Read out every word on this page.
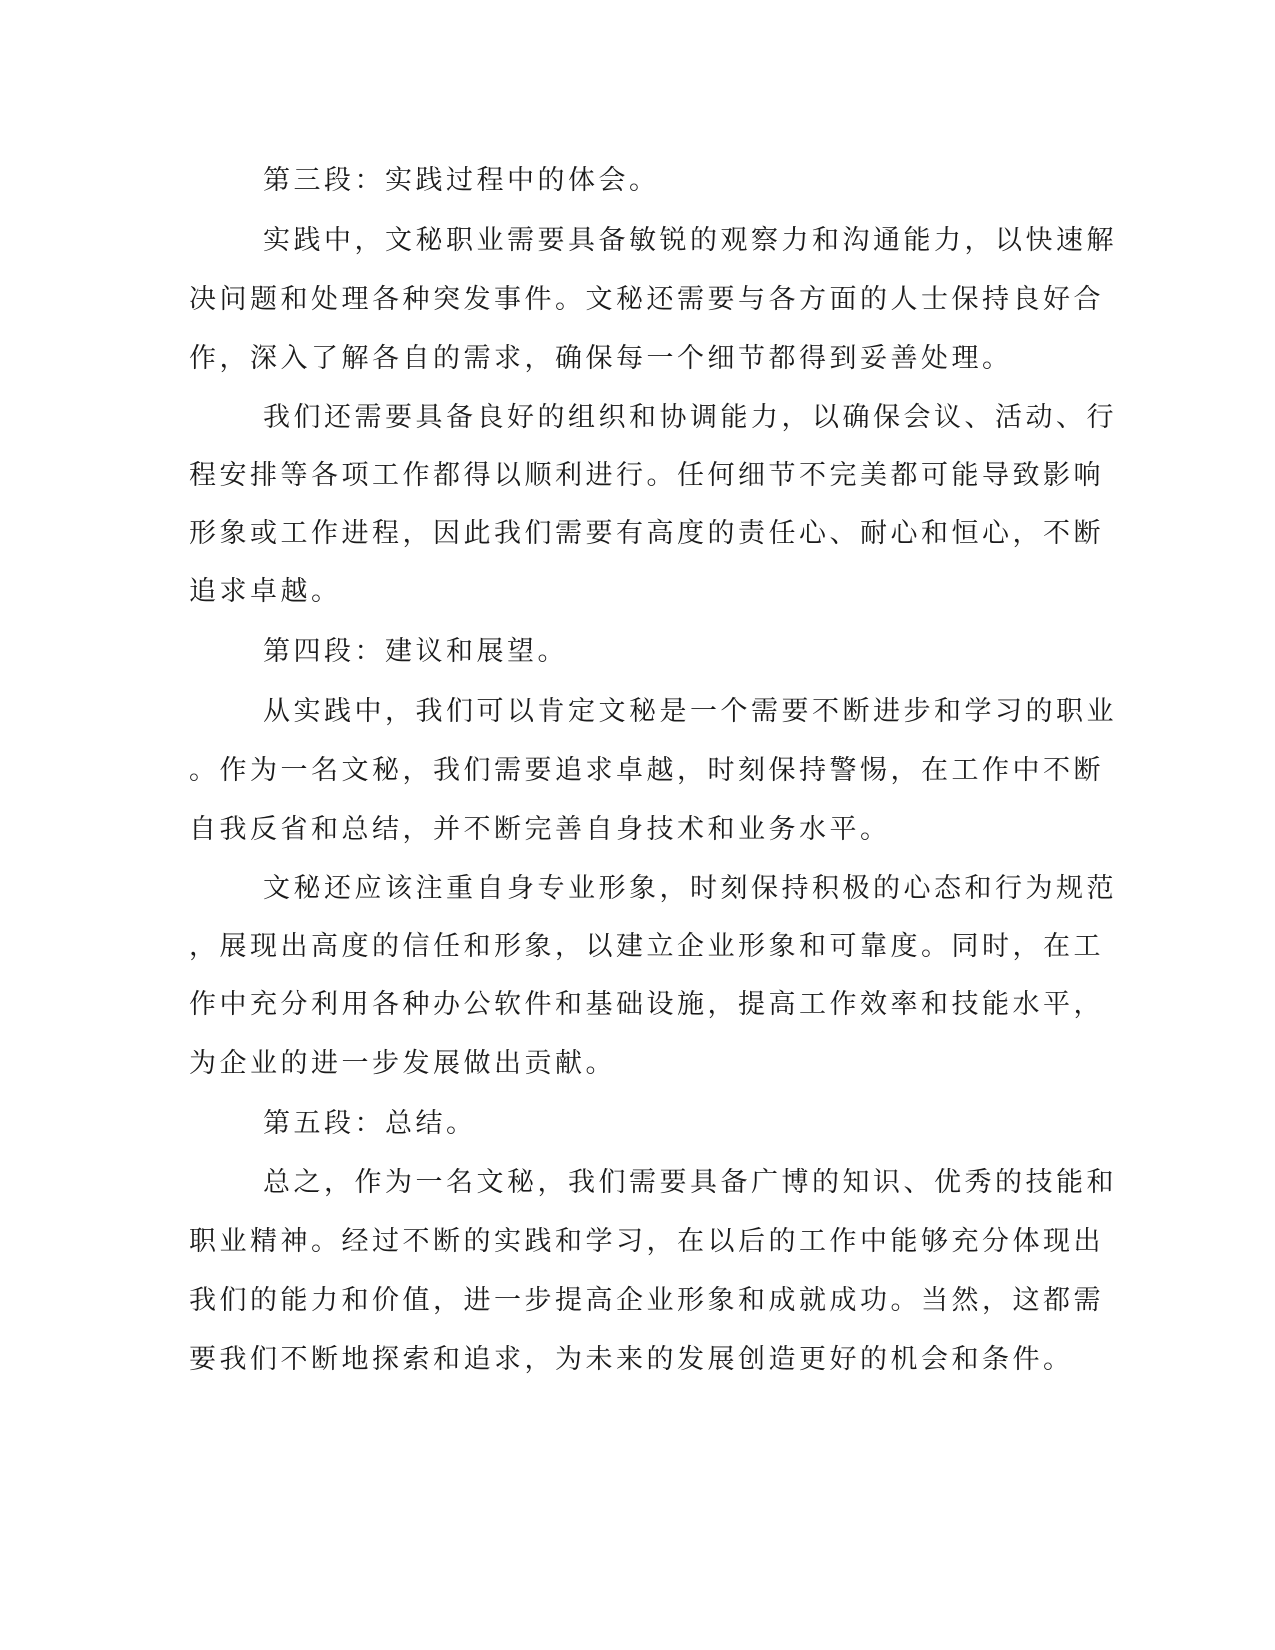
第三段：实践过程中的体会。
实践中，文秘职业需要具备敏锐的观察力和沟通能力，以快速解
决问题和处理各种突发事件。文秘还需要与各方面的人士保持良好合
作，深入了解各自的需求，确保每一个细节都得到妥善处理。
我们还需要具备良好的组织和协调能力，以确保会议、活动、行
程安排等各项工作都得以顺利进行。任何细节不完美都可能导致影响
形象或工作进程，因此我们需要有高度的责任心、耐心和恒心，不断
追求卓越。
第四段：建议和展望。
从实践中，我们可以肯定文秘是一个需要不断进步和学习的职业
。作为一名文秘，我们需要追求卓越，时刻保持警惕，在工作中不断
自我反省和总结，并不断完善自身技术和业务水平。
文秘还应该注重自身专业形象，时刻保持积极的心态和行为规范
，展现出高度的信任和形象，以建立企业形象和可靠度。同时，在工
作中充分利用各种办公软件和基础设施，提高工作效率和技能水平，
为企业的进一步发展做出贡献。
第五段：总结。
总之，作为一名文秘，我们需要具备广博的知识、优秀的技能和
职业精神。经过不断的实践和学习，在以后的工作中能够充分体现出
我们的能力和价值，进一步提高企业形象和成就成功。当然，这都需
要我们不断地探索和追求，为未来的发展创造更好的机会和条件。
